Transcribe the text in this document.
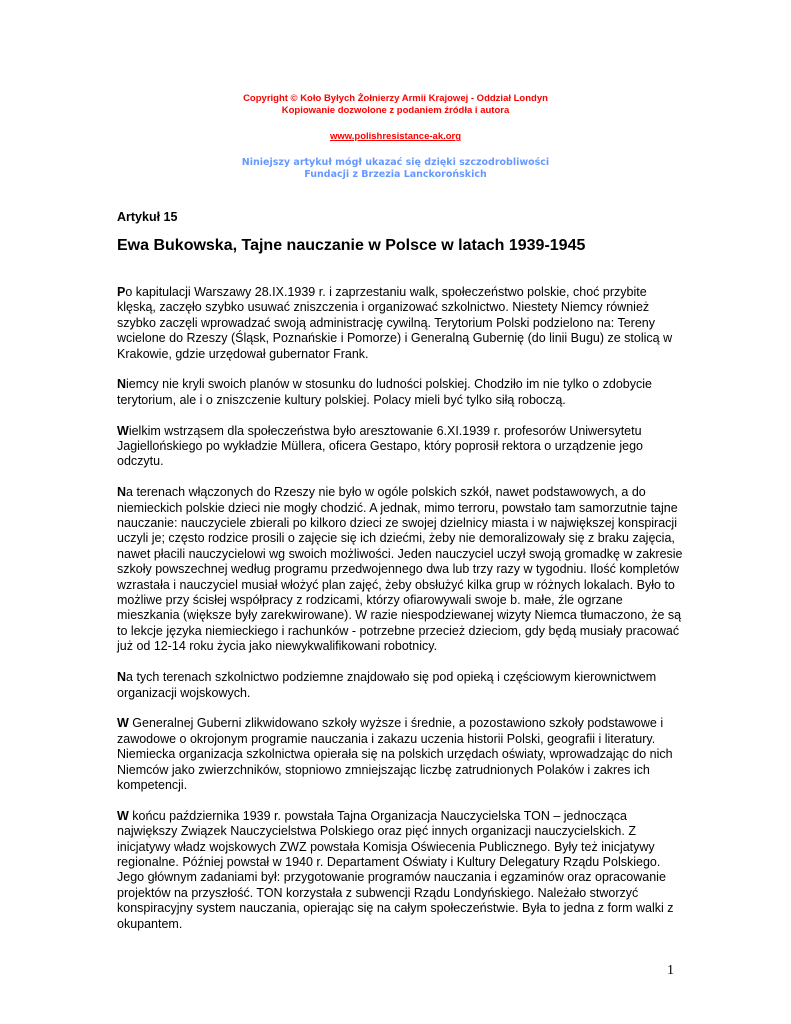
Copyright © Koło Byłych Żołnierzy Armii Krajowej - Oddział Londyn
Kopiowanie dozwolone z podaniem źródła i autora
www.polishresistance-ak.org
Niniejszy artykuł mógł ukazać się dzięki szczodrobliwości
Fundacji z Brzezia Lanckorońskich
Artykuł 15
Ewa Bukowska, Tajne nauczanie w Polsce w latach 1939-1945

Po kapitulacji Warszawy 28.IX.1939 r. i zaprzestaniu walk, społeczeństwo polskie, choć przybite klęską, zaczęło szybko usuwać zniszczenia i organizować szkolnictwo. Niestety Niemcy również szybko zaczęli wprowadzać swoją administrację cywilną. Terytorium Polski podzielono na: Tereny wcielone do Rzeszy (Śląsk, Poznańskie i Pomorze) i Generalną Gubernię (do linii Bugu) ze stolicą w Krakowie, gdzie urzędował gubernator Frank.

Niemcy nie kryli swoich planów w stosunku do ludności polskiej. Chodziło im nie tylko o zdobycie terytorium, ale i o zniszczenie kultury polskiej. Polacy mieli być tylko siłą roboczą.

Wielkim wstrząsem dla społeczeństwa było aresztowanie 6.XI.1939 r. profesorów Uniwersytetu Jagiellońskiego po wykładzie Müllera, oficera Gestapo, który poprosił rektora o urządzenie jego odczytu.

Na terenach włączonych do Rzeszy nie było w ogóle polskich szkół, nawet podstawowych, a do niemieckich polskie dzieci nie mogły chodzić. A jednak, mimo terroru, powstało tam samorzutnie tajne nauczanie: nauczyciele zbierali po kilkoro dzieci ze swojej dzielnicy miasta i w największej konspiracji uczyli je; często rodzice prosili o zajęcie się ich dziećmi, żeby nie demoralizowały się z braku zajęcia, nawet płacili nauczycielowi wg swoich możliwości. Jeden nauczyciel uczył swoją gromadkę w zakresie szkoły powszechnej według programu przedwojennego dwa lub trzy razy w tygodniu. Ilość kompletów wzrastała i nauczyciel musiał włożyć plan zajęć, żeby obsłużyć kilka grup w różnych lokalach. Było to możliwe przy ścisłej współpracy z rodzicami, którzy ofiarowywali swoje b. małe, źle ogrzane mieszkania (większe były zarekwirowane). W razie niespodziewanej wizyty Niemca tłumaczono, że są to lekcje języka niemieckiego i rachunków - potrzebne przecież dzieciom, gdy będą musiały pracować już od 12-14 roku życia jako niewykwalifikowani robotnicy.

Na tych terenach szkolnictwo podziemne znajdowało się pod opieką i częściowym kierownictwem organizacji wojskowych.

W Generalnej Guberni zlikwidowano szkoły wyższe i średnie, a pozostawiono szkoły podstawowe i zawodowe o okrojonym programie nauczania i zakazu uczenia historii Polski, geografii i literatury. Niemiecka organizacja szkolnictwa opierała się na polskich urzędach oświaty, wprowadzając do nich Niemców jako zwierzchników, stopniowo zmniejszając liczbę zatrudnionych Polaków i zakres ich kompetencji.

W końcu października 1939 r. powstała Tajna Organizacja Nauczycielska TON – jednocząca największy Związek Nauczycielstwa Polskiego oraz pięć innych organizacji nauczycielskich. Z inicjatywy władz wojskowych ZWZ powstała Komisja Oświecenia Publicznego. Były też inicjatywy regionalne. Później powstał w 1940 r. Departament Oświaty i Kultury Delegatury Rządu Polskiego. Jego głównym zadaniami był: przygotowanie programów nauczania i egzaminów oraz opracowanie projektów na przyszłość. TON korzystała z subwencji Rządu Londyńskiego. Należało stworzyć konspiracyjny system nauczania, opierając się na całym społeczeństwie. Była to jedna z form walki z okupantem.

1
